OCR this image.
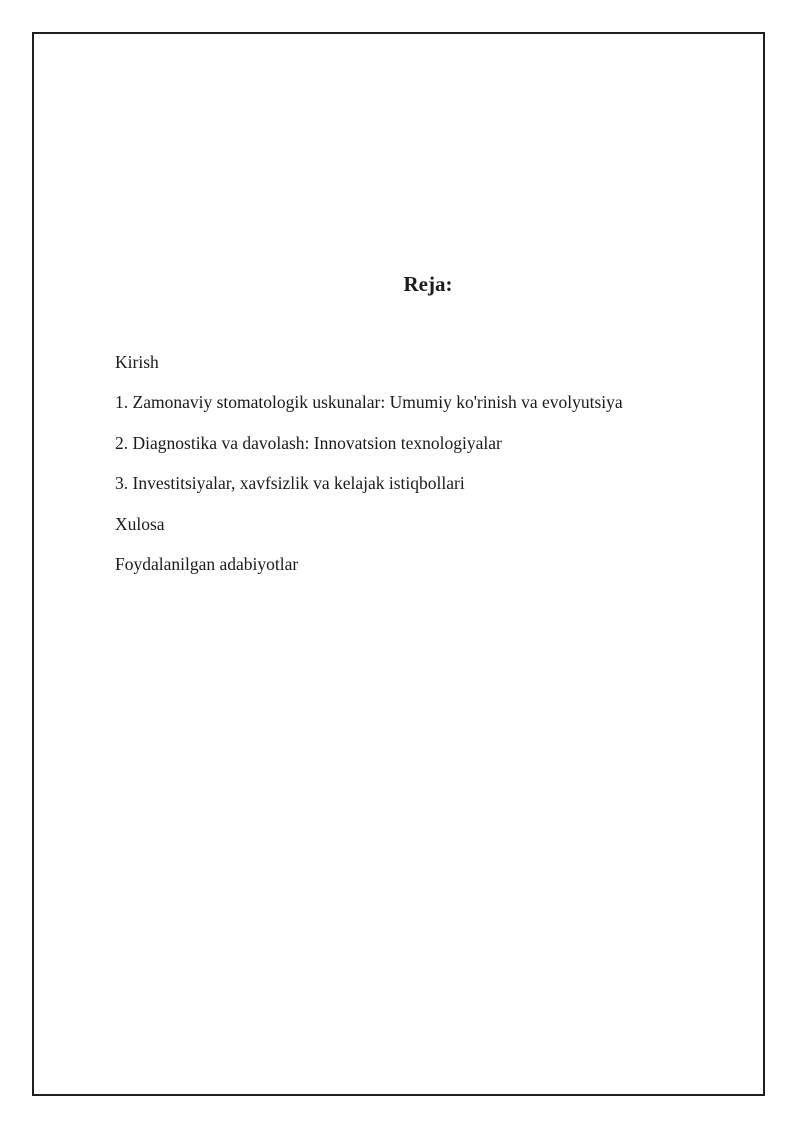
Reja:
Kirish
1. Zamonaviy stomatologik uskunalar: Umumiy ko'rinish va evolyutsiya
2. Diagnostika va davolash: Innovatsion texnologiyalar
3. Investitsiyalar, xavfsizlik va kelajak istiqbollari
Xulosa
Foydalanilgan adabiyotlar
